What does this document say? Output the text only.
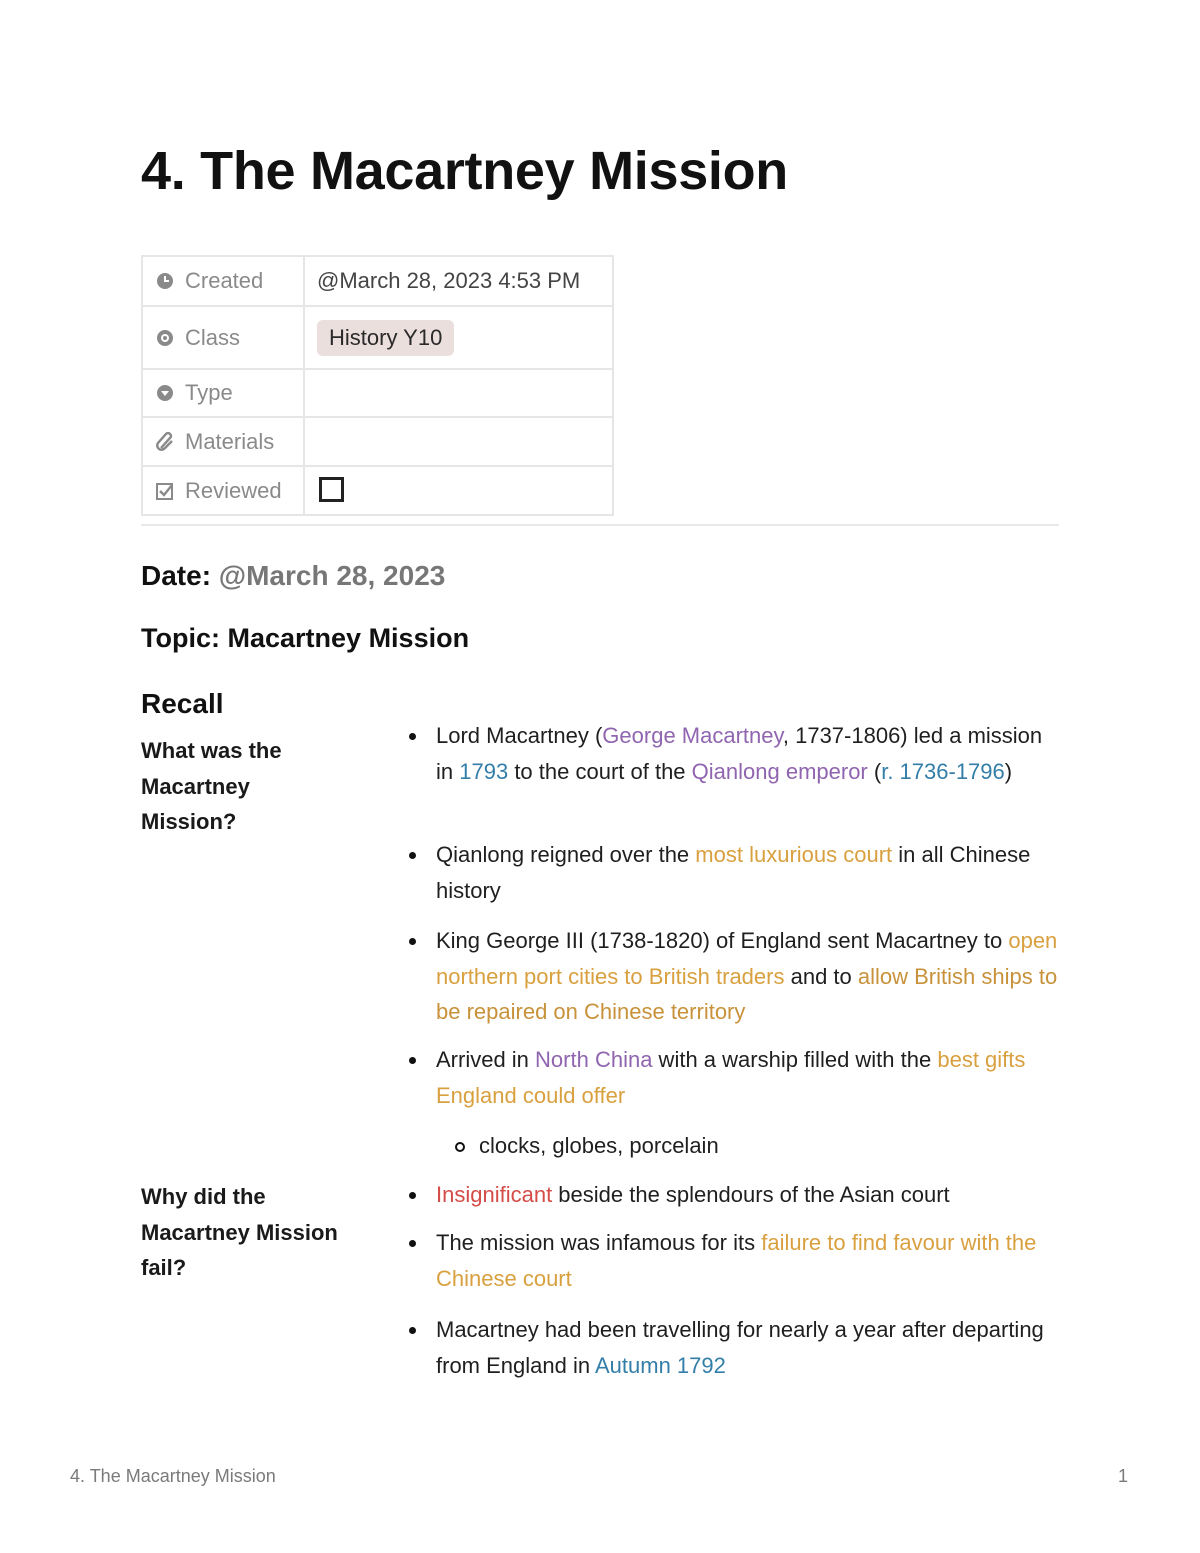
4. The Macartney Mission
Created	@March 28, 2023 4:53 PM
Class	History Y10
Type	
Materials	
Reviewed	
Date: @March 28, 2023
Topic: Macartney Mission
Recall
What was the Macartney Mission?
Why did the Macartney Mission fail?
Lord Macartney (George Macartney, 1737-1806) led a mission in 1793 to the court of the Qianlong emperor (r. 1736-1796)
Qianlong reigned over the most luxurious court in all Chinese history
King George III (1738-1820) of England sent Macartney to open northern port cities to British traders and to allow British ships to be repaired on Chinese territory
Arrived in North China with a warship filled with the best gifts England could offer
clocks, globes, porcelain
Insignificant beside the splendours of the Asian court
The mission was infamous for its failure to find favour with the Chinese court
Macartney had been travelling for nearly a year after departing from England in Autumn 1792
4. The Macartney Mission	1
